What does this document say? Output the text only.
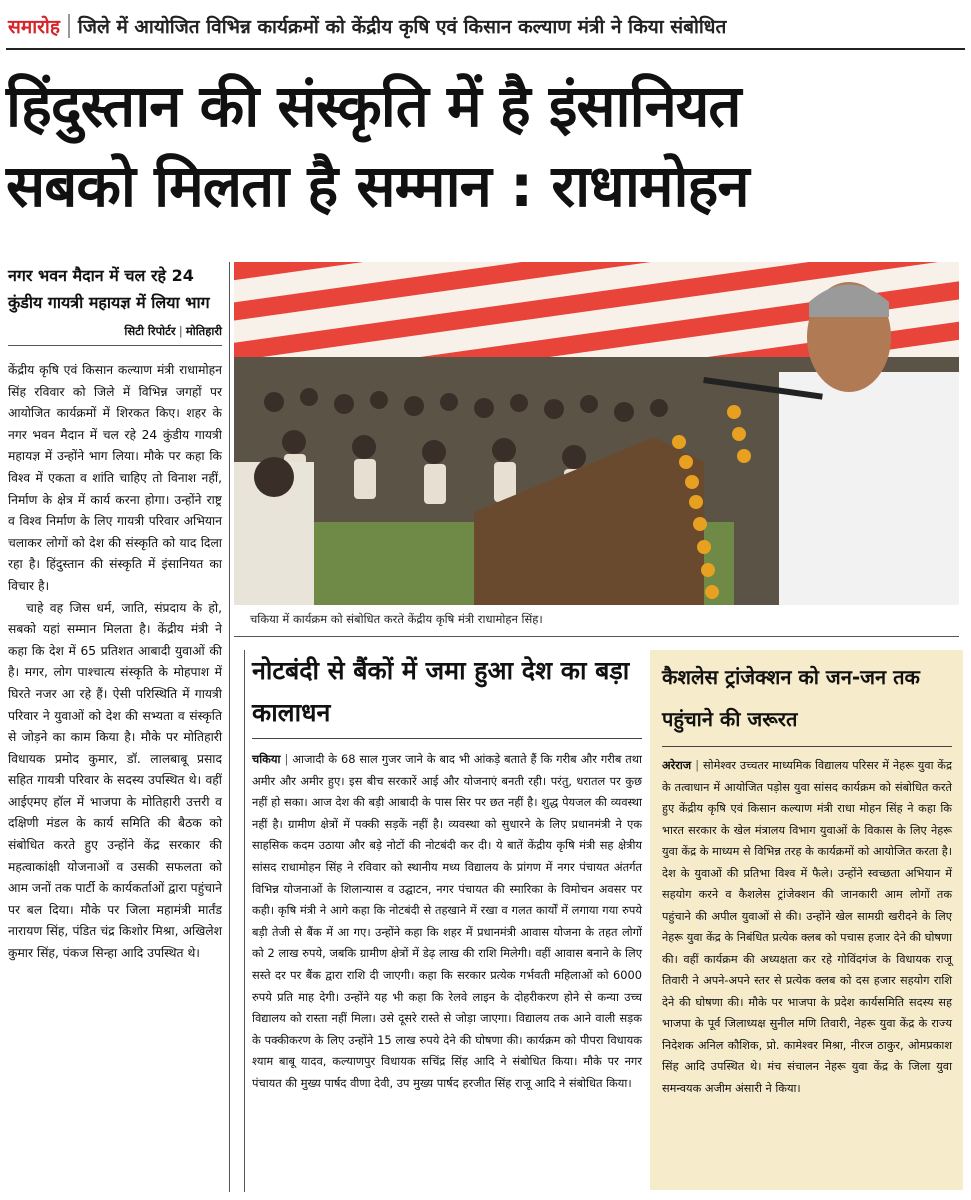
समारोह जिले में आयोजित विभिन्न कार्यक्रमों को केंद्रीय कृषि एवं किसान कल्याण मंत्री ने किया संबोधित
हिंदुस्तान की संस्कृति में है इंसानियत
सबको मिलता है सम्मान : राधामोहन
नगर भवन मैदान में चल रहे 24 कुंडीय गायत्री महायज्ञ में लिया भाग
सिटी रिपोर्टर | मोतिहारी

केंद्रीय कृषि एवं किसान कल्याण मंत्री राधामोहन सिंह रविवार को जिले में विभिन्न जगहों पर आयोजित कार्यक्रमों में शिरकत किए। शहर के नगर भवन मैदान में चल रहे 24 कुंडीय गायत्री महायज्ञ में उन्होंने भाग लिया। मौके पर कहा कि विश्व में एकता व शांति चाहिए तो विनाश नहीं, निर्माण के क्षेत्र में कार्य करना होगा। उन्होंने राष्ट्र व विश्व निर्माण के लिए गायत्री परिवार अभियान चलाकर लोगों को देश की संस्कृति को याद दिला रहा है। हिंदुस्तान की संस्कृति में इंसानियत का विचार है।

चाहे वह जिस धर्म, जाति, संप्रदाय के हो, सबको यहां सम्मान मिलता है। केंद्रीय मंत्री ने कहा कि देश में 65 प्रतिशत आबादी युवाओं की है। मगर, लोग पाश्चात्य संस्कृति के मोहपाश में घिरते नजर आ रहे हैं। ऐसी परिस्थिति में गायत्री परिवार ने युवाओं को देश की सभ्यता व संस्कृति से जोड़ने का काम किया है। मौके पर मोतिहारी विधायक प्रमोद कुमार, डॉ. लालबाबू प्रसाद सहित गायत्री परिवार के सदस्य उपस्थित थे। वहीं आईएमए हॉल में भाजपा के मोतिहारी उत्तरी व दक्षिणी मंडल के कार्य समिति की बैठक को संबोधित करते हुए उन्होंने केंद्र सरकार की महत्वाकांक्षी योजनाओं व उसकी सफलता को आम जनों तक पार्टी के कार्यकर्ताओं द्वारा पहुंचाने पर बल दिया। मौके पर जिला महामंत्री मार्तंड नारायण सिंह, पंडित चंद्र किशोर मिश्रा, अखिलेश कुमार सिंह, पंकज सिन्हा आदि उपस्थित थे।

चकिया में कार्यक्रम को संबोधित करते केंद्रीय कृषि मंत्री राधामोहन सिंह।
नोटबंदी से बैंकों में जमा हुआ देश का बड़ा कालाधन
चकिया | आजादी के 68 साल गुजर जाने के बाद भी आंकड़े बताते हैं कि गरीब और गरीब तथा अमीर और अमीर हुए। इस बीच सरकारें आई और योजनाएं बनती रही। परंतु, धरातल पर कुछ नहीं हो सका। आज देश की बड़ी आबादी के पास सिर पर छत नहीं है। शुद्ध पेयजल की व्यवस्था नहीं है। ग्रामीण क्षेत्रों में पक्की सड़कें नहीं है। व्यवस्था को सुधारने के लिए प्रधानमंत्री ने एक साहसिक कदम उठाया और बड़े नोटों की नोटबंदी कर दी। ये बातें केंद्रीय कृषि मंत्री सह क्षेत्रीय सांसद राधामोहन सिंह ने रविवार को स्थानीय मध्य विद्यालय के प्रांगण में नगर पंचायत अंतर्गत विभिन्न योजनाओं के शिलान्यास व उद्घाटन, नगर पंचायत की स्मारिका के विमोचन अवसर पर कही। कृषि मंत्री ने आगे कहा कि नोटबंदी से तहखाने में रखा व गलत कार्यों में लगाया गया रुपये बड़ी तेजी से बैंक में आ गए। उन्होंने कहा कि शहर में प्रधानमंत्री आवास योजना के तहत लोगों को 2 लाख रुपये, जबकि ग्रामीण क्षेत्रों में डेढ़ लाख की राशि मिलेगी। वहीं आवास बनाने के लिए सस्ते दर पर बैंक द्वारा राशि दी जाएगी। कहा कि सरकार प्रत्येक गर्भवती महिलाओं को 6000 रुपये प्रति माह देगी। उन्होंने यह भी कहा कि रेलवे लाइन के दोहरीकरण होने से कन्या उच्च विद्यालय को रास्ता नहीं मिला। उसे दूसरे रास्ते से जोड़ा जाएगा। विद्यालय तक आने वाली सड़क के पक्कीकरण के लिए उन्होंने 15 लाख रुपये देने की घोषणा की। कार्यक्रम को पीपरा विधायक श्याम बाबू यादव, कल्याणपुर विधायक सचिंद्र सिंह आदि ने संबोधित किया। मौके पर नगर पंचायत की मुख्य पार्षद वीणा देवी, उप मुख्य पार्षद हरजीत सिंह राजू आदि ने संबोधित किया।
कैशलेस ट्रांजेक्शन को जन-जन तक पहुंचाने की जरूरत
अरेराज | सोमेश्वर उच्चतर माध्यमिक विद्यालय परिसर में नेहरू युवा केंद्र के तत्वाधान में आयोजित पड़ोस युवा सांसद कार्यक्रम को संबोधित करते हुए केंद्रीय कृषि एवं किसान कल्याण मंत्री राधा मोहन सिंह ने कहा कि भारत सरकार के खेल मंत्रालय विभाग युवाओं के विकास के लिए नेहरू युवा केंद्र के माध्यम से विभिन्न तरह के कार्यक्रमों को आयोजित करता है। देश के युवाओं की प्रतिभा विश्व में फैले। उन्होंने स्वच्छता अभियान में सहयोग करने व कैशलेस ट्रांजेक्शन की जानकारी आम लोगों तक पहुंचाने की अपील युवाओं से की। उन्होंने खेल सामग्री खरीदने के लिए नेहरू युवा केंद्र के निबंधित प्रत्येक क्लब को पचास हजार देने की घोषणा की। वहीं कार्यक्रम की अध्यक्षता कर रहे गोविंदगंज के विधायक राजू तिवारी ने अपने-अपने स्तर से प्रत्येक क्लब को दस हजार सहयोग राशि देने की घोषणा की। मौके पर भाजपा के प्रदेश कार्यसमिति सदस्य सह भाजपा के पूर्व जिलाध्यक्ष सुनील मणि तिवारी, नेहरू युवा केंद्र के राज्य निदेशक अनिल कौशिक, प्रो. कामेश्वर मिश्रा, नीरज ठाकुर, ओमप्रकाश सिंह आदि उपस्थित थे। मंच संचालन नेहरू युवा केंद्र के जिला युवा समन्वयक अजीम अंसारी ने किया।
